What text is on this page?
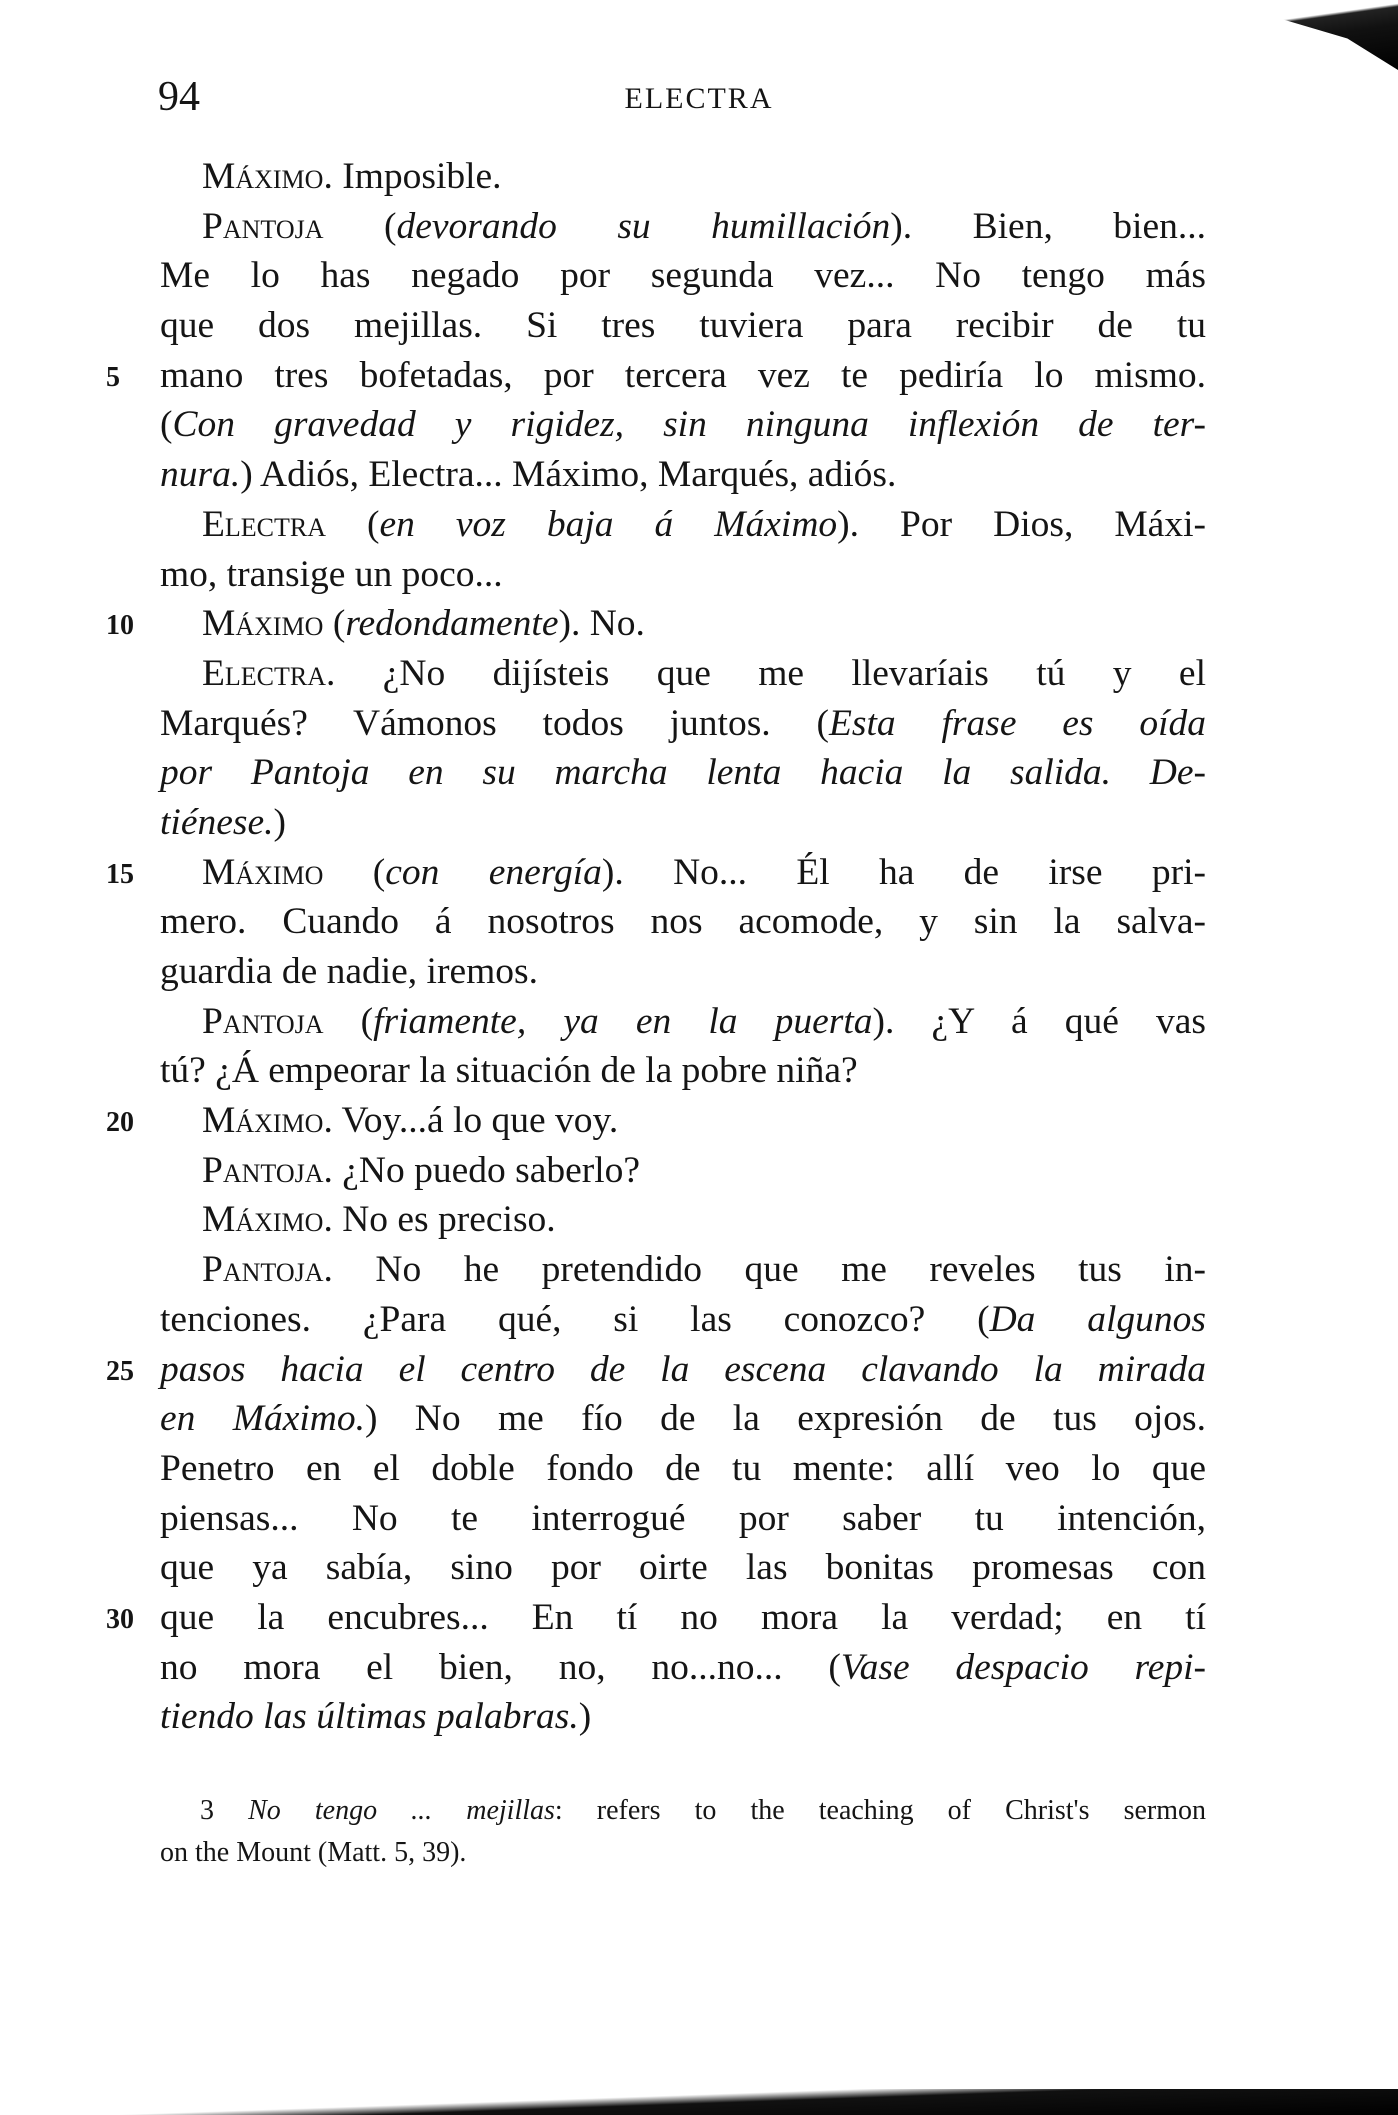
94	ELECTRA
Máximo. Imposible.
Pantoja (devorando su humillación). Bien, bien...
Me lo has negado por segunda vez... No tengo más
que dos mejillas. Si tres tuviera para recibir de tu
5	mano tres bofetadas, por tercera vez te pediría lo mismo.
(Con gravedad y rigidez, sin ninguna inflexión de ter-
nura.) Adiós, Electra... Máximo, Marqués, adiós.
Electra (en voz baja á Máximo). Por Dios, Máxi-
mo, transige un poco...
10	Máximo (redondamente). No.
Electra. ¿No dijísteis que me llevaríais tú y el
Marqués? Vámonos todos juntos. (Esta frase es oída
por Pantoja en su marcha lenta hacia la salida. De-
tiénese.)
15	Máximo (con energía). No... Él ha de irse pri-
mero. Cuando á nosotros nos acomode, y sin la salva-
guardia de nadie, iremos.
Pantoja (friamente, ya en la puerta). ¿Y á qué vas
tú? ¿Á empeorar la situación de la pobre niña?
20	Máximo. Voy...á lo que voy.
Pantoja. ¿No puedo saberlo?
Máximo. No es preciso.
Pantoja. No he pretendido que me reveles tus in-
tenciones. ¿Para qué, si las conozco? (Da algunos
25 pasos hacia el centro de la escena clavando la mirada
en Máximo.) No me fío de la expresión de tus ojos.
Penetro en el doble fondo de tu mente: allí veo lo que
piensas... No te interrogué por saber tu intención,
que ya sabía, sino por oirte las bonitas promesas con
30 que la encubres... En tí no mora la verdad; en tí
no mora el bien, no, no...no... (Vase despacio repi-
tiendo las últimas palabras.)
3 No tengo ... mejillas: refers to the teaching of Christ's sermon
on the Mount (Matt. 5, 39).
